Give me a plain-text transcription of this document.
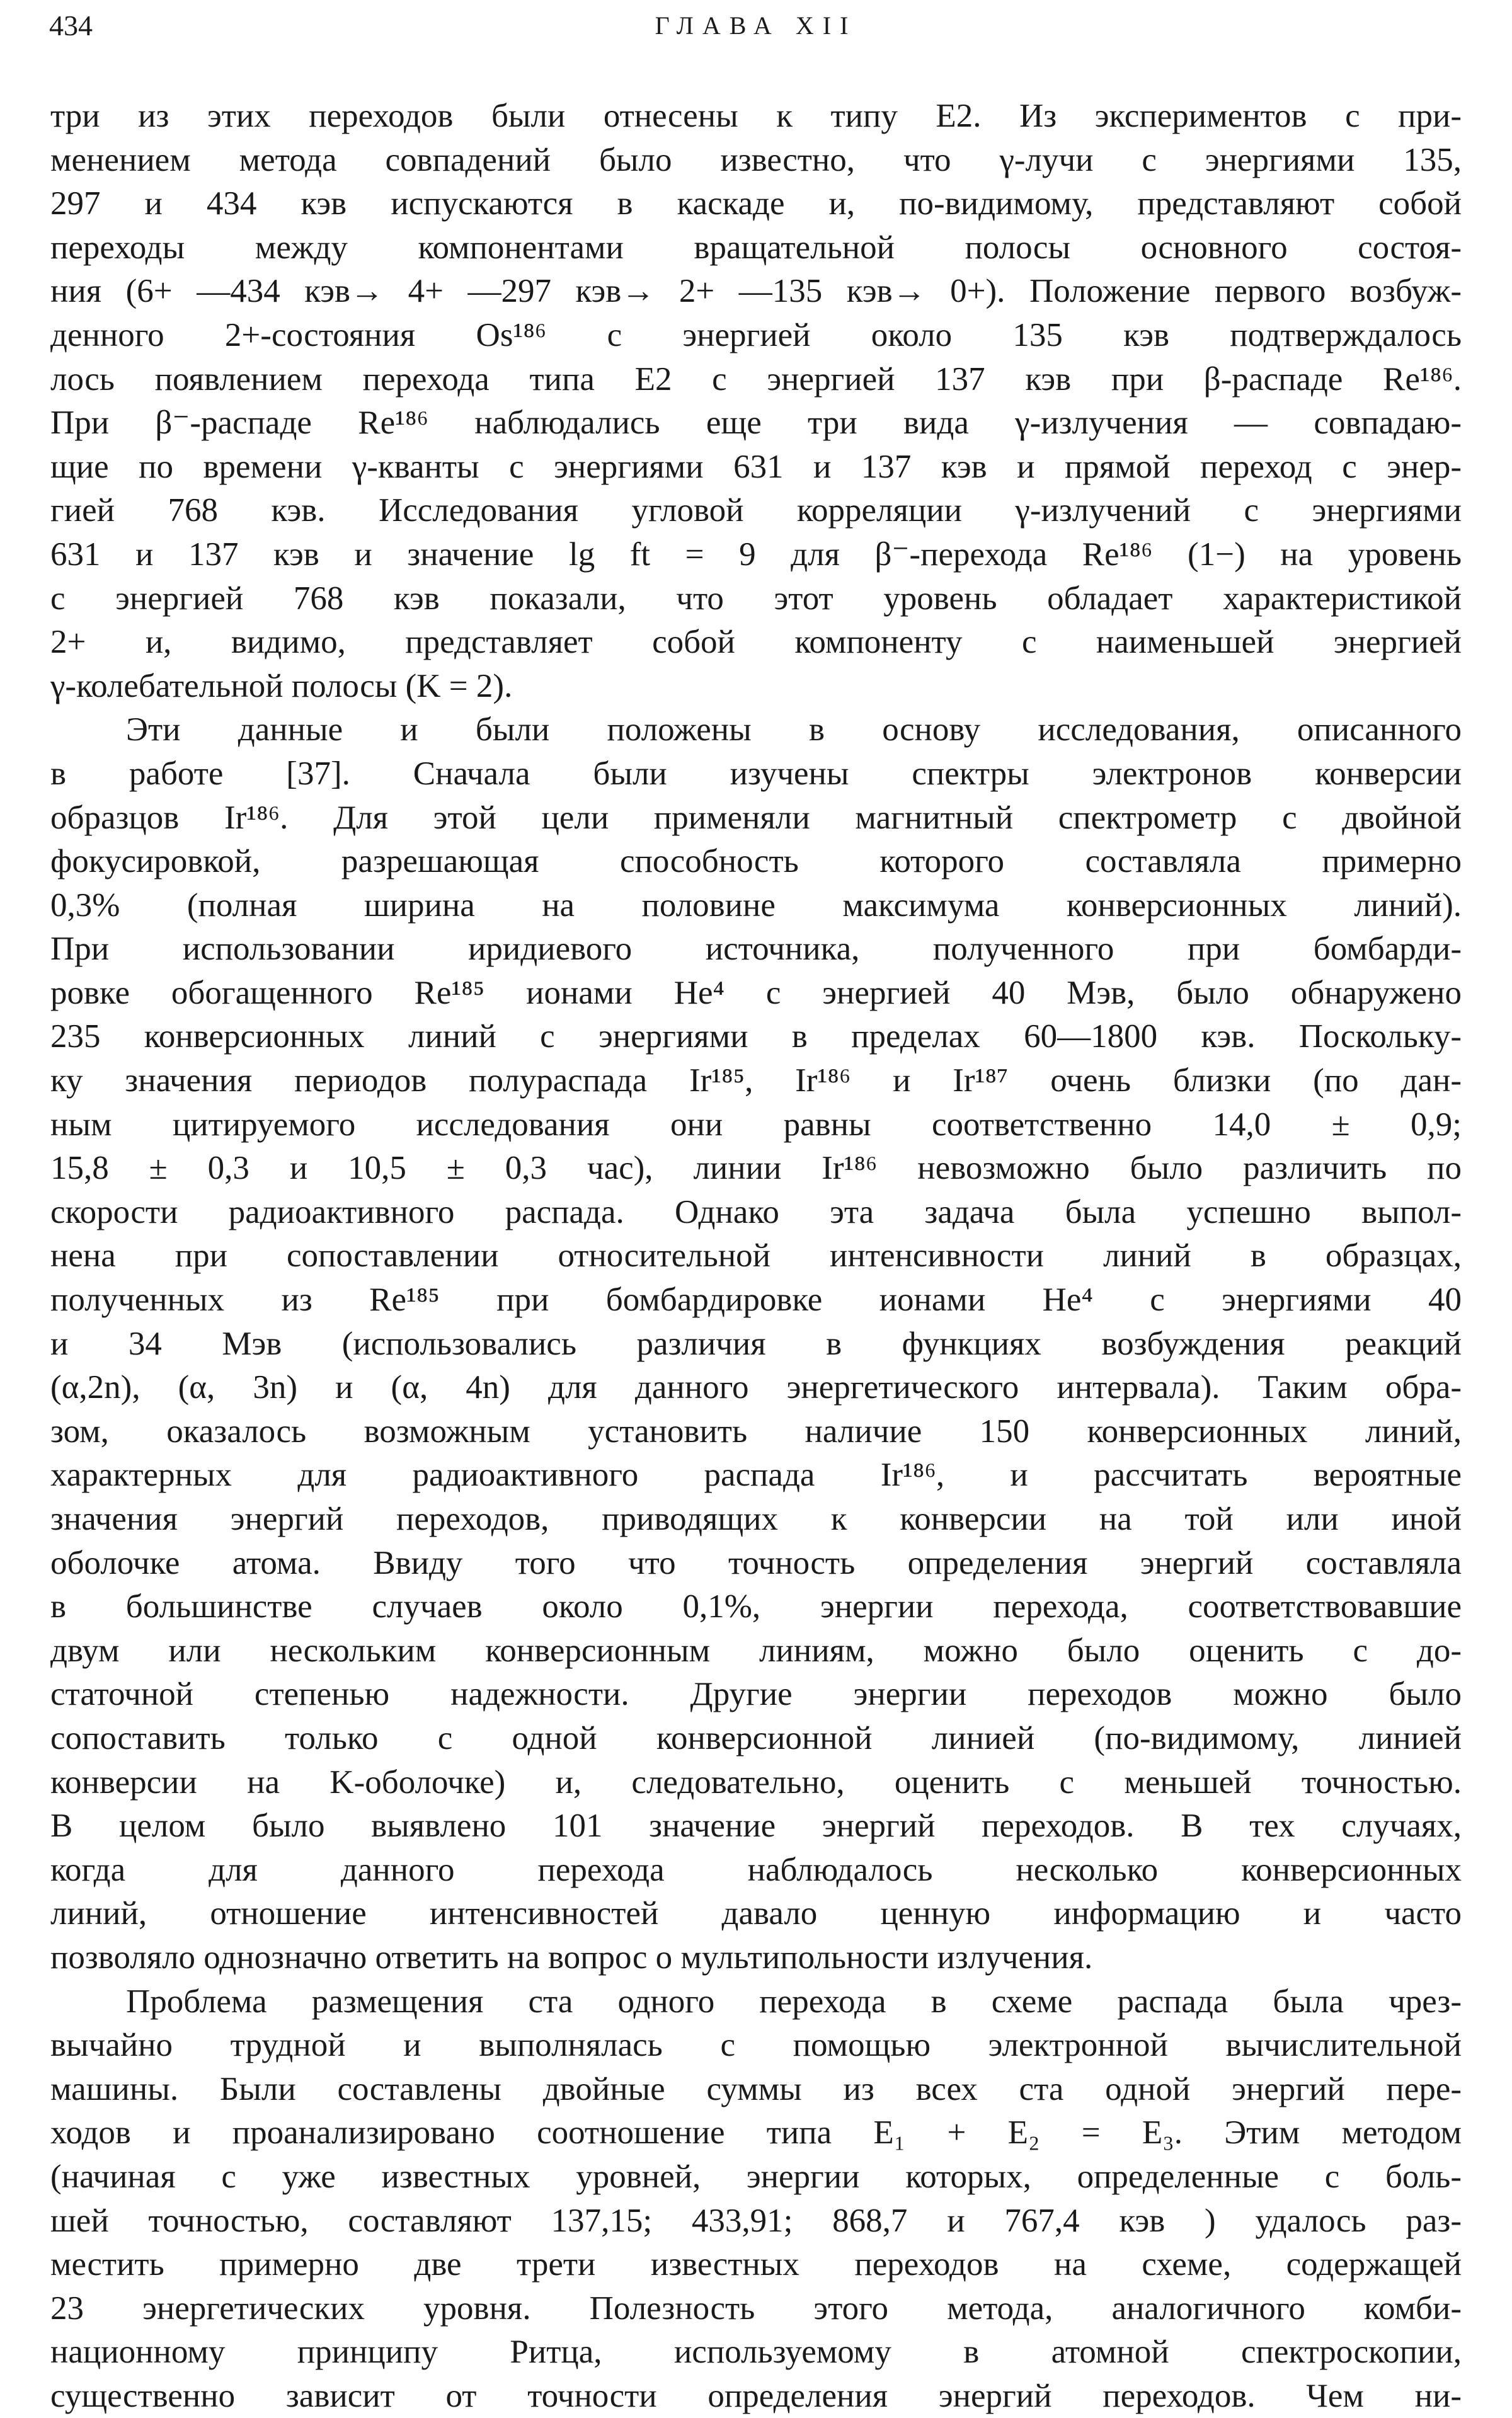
434	ГЛАВА XII
три из этих переходов были отнесены к типу E2. Из экспериментов с при-
менением метода совпадений было известно, что γ-лучи с энергиями 135,
297 и 434 кэв испускаются в каскаде и, по-видимому, представляют собой
переходы между компонентами вращательной полосы основного состоя-
ния (6+ —434 кэв→ 4+ —297 кэв→ 2+ —135 кэв→ 0+). Положение первого возбуж-
денного 2+-состояния Os¹⁸⁶ с энергией около 135 кэв подтверждалось
лось появлением перехода типа E2 с энергией 137 кэв при β-распаде Re¹⁸⁶.
При β⁻-распаде Re¹⁸⁶ наблюдались еще три вида γ-излучения — совпадаю-
щие по времени γ-кванты с энергиями 631 и 137 кэв и прямой переход с энер-
гией 768 кэв. Исследования угловой корреляции γ-излучений с энергиями
631 и 137 кэв и значение lg ft = 9 для β⁻-перехода Re¹⁸⁶ (1−) на уровень
с энергией 768 кэв показали, что этот уровень обладает характеристикой
2+ и, видимо, представляет собой компоненту с наименьшей энергией
γ-колебательной полосы (K = 2).
Эти данные и были положены в основу исследования, описанного
в работе [37]. Сначала были изучены спектры электронов конверсии
образцов Ir¹⁸⁶. Для этой цели применяли магнитный спектрометр с двойной
фокусировкой, разрешающая способность которого составляла примерно
0,3% (полная ширина на половине максимума конверсионных линий).
При использовании иридиевого источника, полученного при бомбарди-
ровке обогащенного Re¹⁸⁵ ионами He⁴ с энергией 40 Мэв, было обнаружено
235 конверсионных линий с энергиями в пределах 60—1800 кэв. Поскольку-
ку значения периодов полураспада Ir¹⁸⁵, Ir¹⁸⁶ и Ir¹⁸⁷ очень близки (по дан-
ным цитируемого исследования они равны соответственно 14,0 ± 0,9;
15,8 ± 0,3 и 10,5 ± 0,3 час), линии Ir¹⁸⁶ невозможно было различить по
скорости радиоактивного распада. Однако эта задача была успешно выпол-
нена при сопоставлении относительной интенсивности линий в образцах,
полученных из Re¹⁸⁵ при бомбардировке ионами He⁴ с энергиями 40
и 34 Мэв (использовались различия в функциях возбуждения реакций
(α,2n), (α, 3n) и (α, 4n) для данного энергетического интервала). Таким обра-
зом, оказалось возможным установить наличие 150 конверсионных линий,
характерных для радиоактивного распада Ir¹⁸⁶, и рассчитать вероятные
значения энергий переходов, приводящих к конверсии на той или иной
оболочке атома. Ввиду того что точность определения энергий составляла
в большинстве случаев около 0,1%, энергии перехода, соответствовавшие
двум или нескольким конверсионным линиям, можно было оценить с до-
статочной степенью надежности. Другие энергии переходов можно было
сопоставить только с одной конверсионной линией (по-видимому, линией
конверсии на K-оболочке) и, следовательно, оценить с меньшей точностью.
В целом было выявлено 101 значение энергий переходов. В тех случаях,
когда для данного перехода наблюдалось несколько конверсионных
линий, отношение интенсивностей давало ценную информацию и часто
позволяло однозначно ответить на вопрос о мультипольности излучения.
Проблема размещения ста одного перехода в схеме распада была чрез-
вычайно трудной и выполнялась с помощью электронной вычислительной
машины. Были составлены двойные суммы из всех ста одной энергий пере-
ходов и проанализировано соотношение типа E₁ + E₂ = E₃. Этим методом
(начиная с уже известных уровней, энергии которых, определенные с боль-
шей точностью, составляют 137,15; 433,91; 868,7 и 767,4 кэв ) удалось раз-
местить примерно две трети известных переходов на схеме, содержащей
23 энергетических уровня. Полезность этого метода, аналогичного комби-
национному принципу Ритца, используемому в атомной спектроскопии,
существенно зависит от точности определения энергий переходов. Чем ни-
